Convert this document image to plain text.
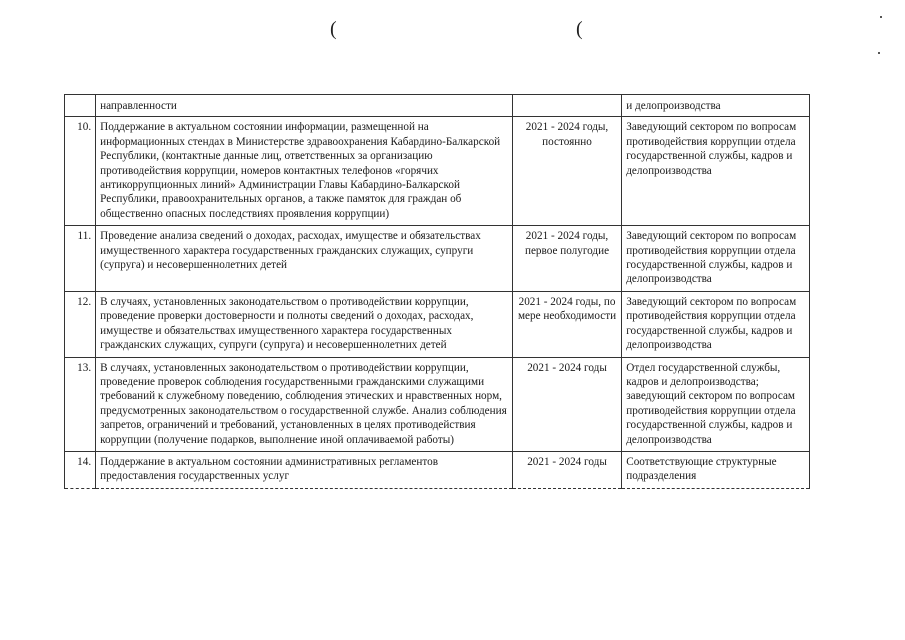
(	(
	направленности		и делопроизводства
10.	Поддержание в актуальном состоянии информации, размещенной на информационных стендах в Министерстве здравоохранения Кабардино-Балкарской Республики, (контактные данные лиц, ответственных за организацию противодействия коррупции, номеров контактных телефонов «горячих антикоррупционных линий» Администрации Главы Кабардино-Балкарской Республики, правоохранительных органов, а также памяток для граждан об общественно опасных последствиях проявления коррупции)	2021 - 2024 годы, постоянно	Заведующий сектором по вопросам противодействия коррупции отдела государственной службы, кадров и делопроизводства
11.	Проведение анализа сведений о доходах, расходах, имуществе и обязательствах имущественного характера государственных гражданских служащих, супруги (супруга) и несовершеннолетних детей	2021 - 2024 годы, первое полугодие	Заведующий сектором по вопросам противодействия коррупции отдела государственной службы, кадров и делопроизводства
12.	В случаях, установленных законодательством о противодействии коррупции, проведение проверки достоверности и полноты сведений о доходах, расходах, имуществе и обязательствах имущественного характера государственных гражданских служащих, супруги (супруга) и несовершеннолетних детей	2021 - 2024 годы, по мере необходимости	Заведующий сектором по вопросам противодействия коррупции отдела государственной службы, кадров и делопроизводства
13.	В случаях, установленных законодательством о противодействии коррупции, проведение проверок соблюдения государственными гражданскими служащими требований к служебному поведению, соблюдения этических и нравственных норм, предусмотренных законодательством о государственной службе. Анализ соблюдения запретов, ограничений и требований, установленных в целях противодействия коррупции (получение подарков, выполнение иной оплачиваемой работы)	2021 - 2024 годы	Отдел государственной службы, кадров и делопроизводства; заведующий сектором по вопросам противодействия коррупции отдела государственной службы, кадров и делопроизводства
14.	Поддержание в актуальном состоянии административных регламентов предоставления государственных услуг	2021 - 2024 годы	Соответствующие структурные подразделения
